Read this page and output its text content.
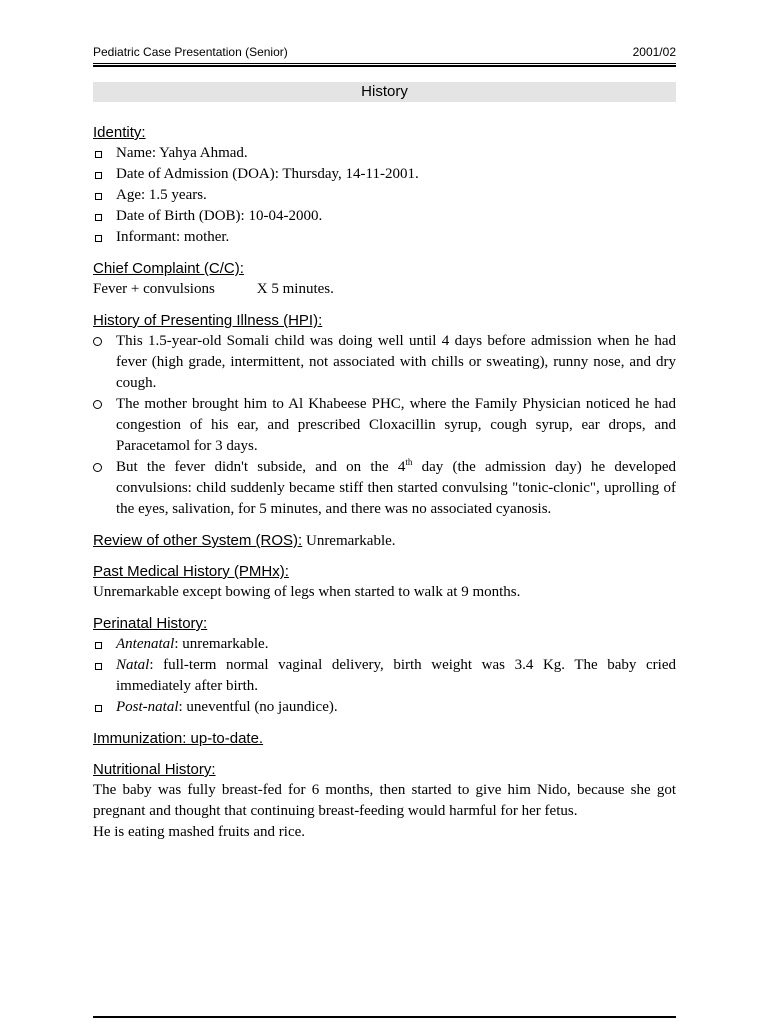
Pediatric Case Presentation (Senior)	2001/02
History
Identity:
Name: Yahya Ahmad.
Date of Admission (DOA): Thursday, 14-11-2001.
Age: 1.5 years.
Date of Birth (DOB): 10-04-2000.
Informant: mother.
Chief Complaint (C/C):
Fever + convulsions	X 5 minutes.
History of Presenting Illness (HPI):
This 1.5-year-old Somali child was doing well until 4 days before admission when he had fever (high grade, intermittent, not associated with chills or sweating), runny nose, and dry cough.
The mother brought him to Al Khabeese PHC, where the Family Physician noticed he had congestion of his ear, and prescribed Cloxacillin syrup, cough syrup, ear drops, and Paracetamol for 3 days.
But the fever didn't subside, and on the 4th day (the admission day) he developed convulsions: child suddenly became stiff then started convulsing "tonic-clonic", uprolling of the eyes, salivation, for 5 minutes, and there was no associated cyanosis.
Review of other System (ROS): Unremarkable.
Past Medical History (PMHx):

Unremarkable except bowing of legs when started to walk at 9 months.

Perinatal History:
Antenatal: unremarkable.
Natal: full-term normal vaginal delivery, birth weight was 3.4 Kg. The baby cried immediately after birth.
Post-natal: uneventful (no jaundice).
Immunization: up-to-date.
Nutritional History:

The baby was fully breast-fed for 6 months, then started to give him Nido, because she got pregnant and thought that continuing breast-feeding would harmful for her fetus.

He is eating mashed fruits and rice.
